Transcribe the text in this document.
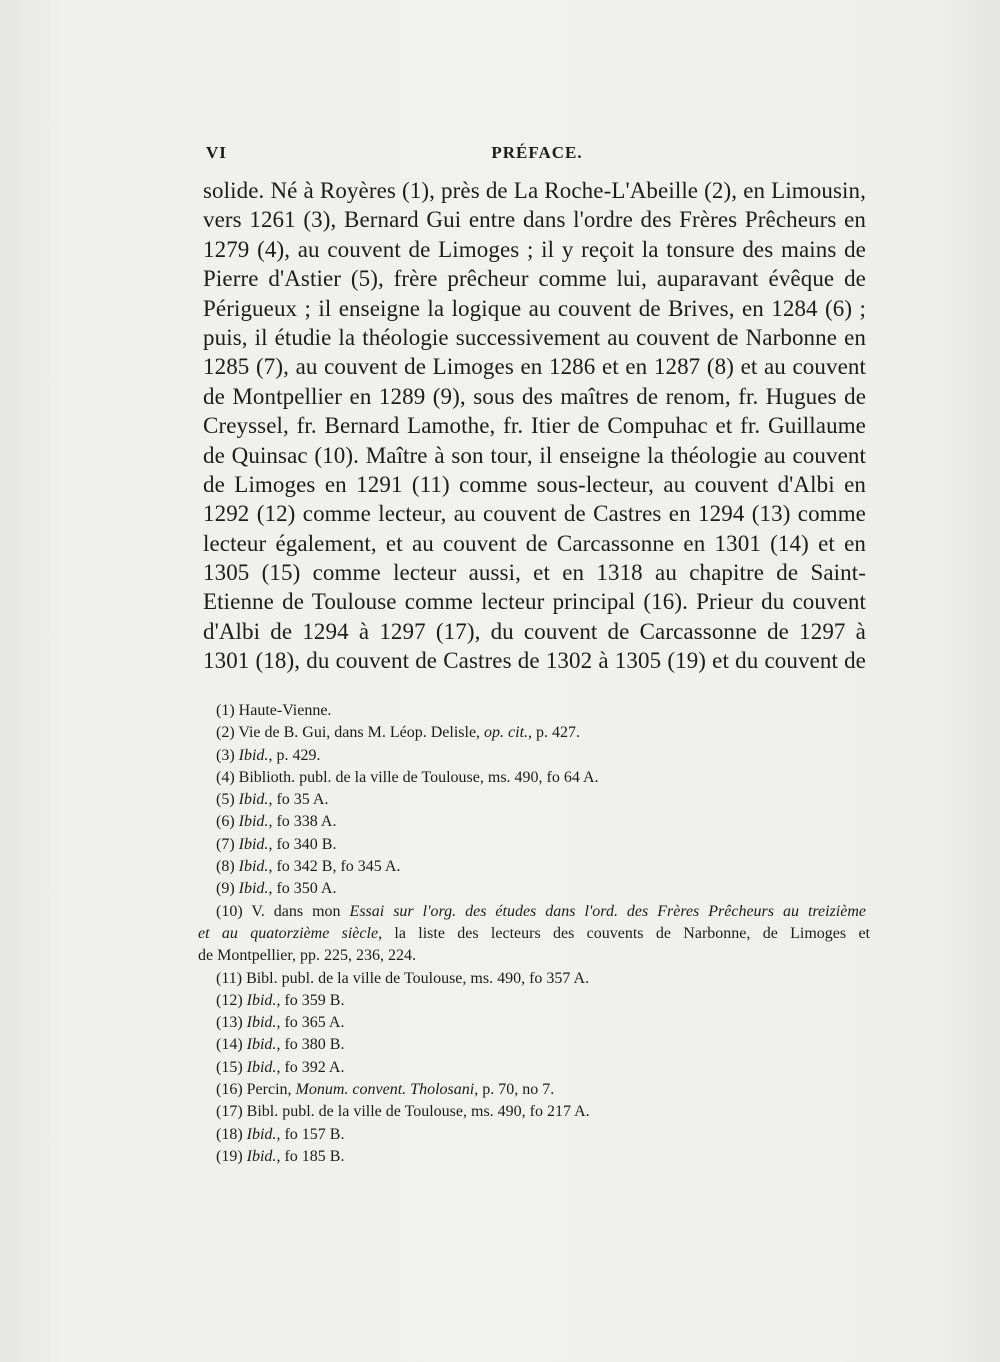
VI	PRÉFACE.
solide. Né à Royères (1), près de La Roche-L'Abeille (2), en Limousin,
vers 1261 (3), Bernard Gui entre dans l'ordre des Frères Prêcheurs en
1279 (4), au couvent de Limoges ; il y reçoit la tonsure des mains de
Pierre d'Astier (5), frère prêcheur comme lui, auparavant évêque de
Périgueux ; il enseigne la logique au couvent de Brives, en 1284 (6) ;
puis, il étudie la théologie successivement au couvent de Narbonne en
1285 (7), au couvent de Limoges en 1286 et en 1287 (8) et au couvent
de Montpellier en 1289 (9), sous des maîtres de renom, fr. Hugues de
Creyssel, fr. Bernard Lamothe, fr. Itier de Compuhac et fr. Guillaume
de Quinsac (10). Maître à son tour, il enseigne la théologie au couvent
de Limoges en 1291 (11) comme sous-lecteur, au couvent d'Albi en
1292 (12) comme lecteur, au couvent de Castres en 1294 (13) comme
lecteur également, et au couvent de Carcassonne en 1301 (14) et en
1305 (15) comme lecteur aussi, et en 1318 au chapitre de Saint-
Etienne de Toulouse comme lecteur principal (16). Prieur du couvent
d'Albi de 1294 à 1297 (17), du couvent de Carcassonne de 1297 à
1301 (18), du couvent de Castres de 1302 à 1305 (19) et du couvent de
(1) Haute-Vienne.
(2) Vie de B. Gui, dans M. Léop. Delisle, op. cit., p. 427.
(3) Ibid., p. 429.
(4) Biblioth. publ. de la ville de Toulouse, ms. 490, fo 64 A.
(5) Ibid., fo 35 A.
(6) Ibid., fo 338 A.
(7) Ibid., fo 340 B.
(8) Ibid., fo 342 B, fo 345 A.
(9) Ibid., fo 350 A.
(10) V. dans mon Essai sur l'org. des études dans l'ord. des Frères Prêcheurs au treizième
et au quatorzième siècle, la liste des lecteurs des couvents de Narbonne, de Limoges et
de Montpellier, pp. 225, 236, 224.
(11) Bibl. publ. de la ville de Toulouse, ms. 490, fo 357 A.
(12) Ibid., fo 359 B.
(13) Ibid., fo 365 A.
(14) Ibid., fo 380 B.
(15) Ibid., fo 392 A.
(16) Percin, Monum. convent. Tholosani, p. 70, no 7.
(17) Bibl. publ. de la ville de Toulouse, ms. 490, fo 217 A.
(18) Ibid., fo 157 B.
(19) Ibid., fo 185 B.
